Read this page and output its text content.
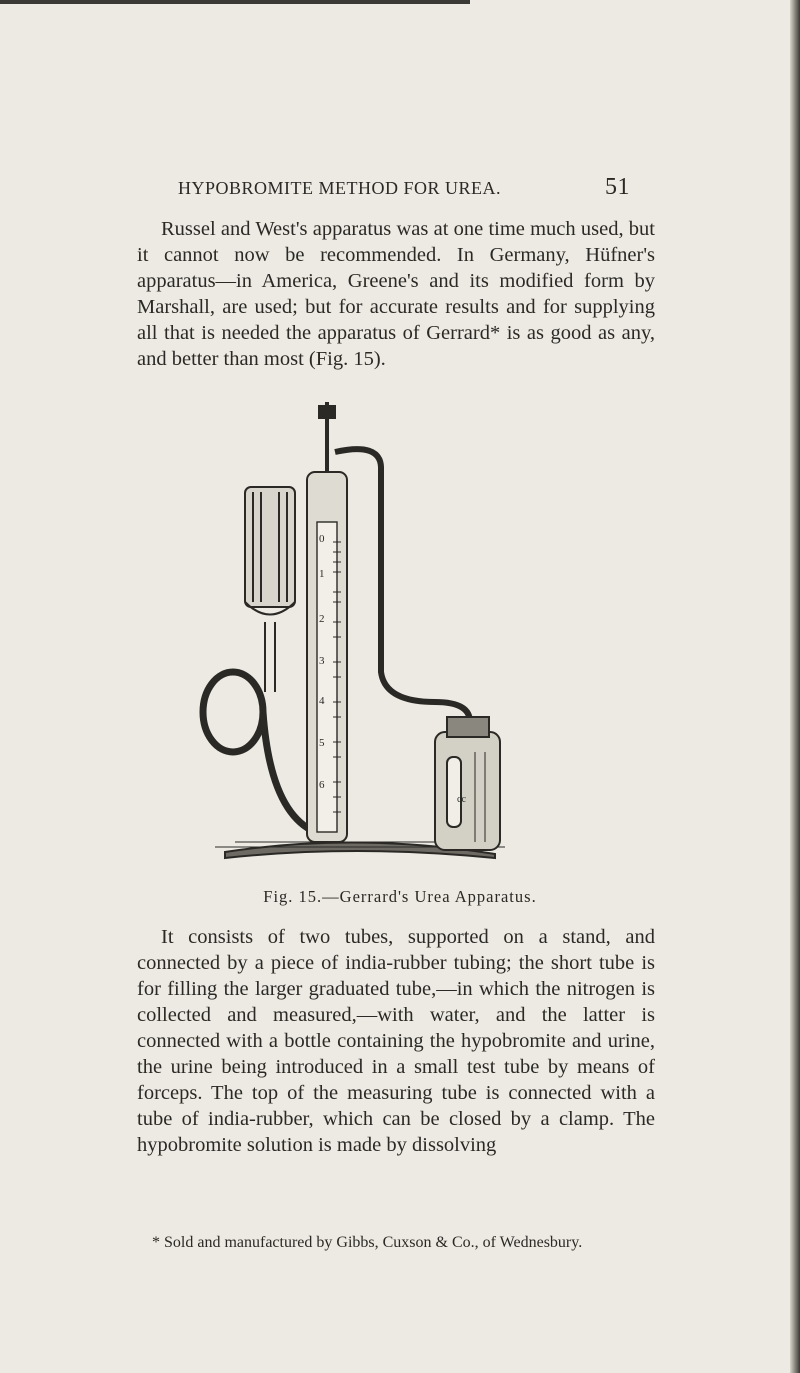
HYPOBROMITE METHOD FOR UREA.	51

Russel and West's apparatus was at one time much used, but it cannot now be recommended. In Germany, Hüfner's apparatus—in America, Greene's and its modified form by Marshall, are used; but for accurate results and for supplying all that is needed the apparatus of Gerrard* is as good as any, and better than most (Fig. 15).

0
1
2
3
4
5
6
cc
Fig. 15.—Gerrard's Urea Apparatus.

It consists of two tubes, supported on a stand, and connected by a piece of india-rubber tubing; the short tube is for filling the larger graduated tube,—in which the nitrogen is collected and measured,—with water, and the latter is connected with a bottle containing the hypobromite and urine, the urine being introduced in a small test tube by means of forceps. The top of the measuring tube is connected with a tube of india-rubber, which can be closed by a clamp. The hypobromite solution is made by dissolving

* Sold and manufactured by Gibbs, Cuxson & Co., of Wednesbury.
